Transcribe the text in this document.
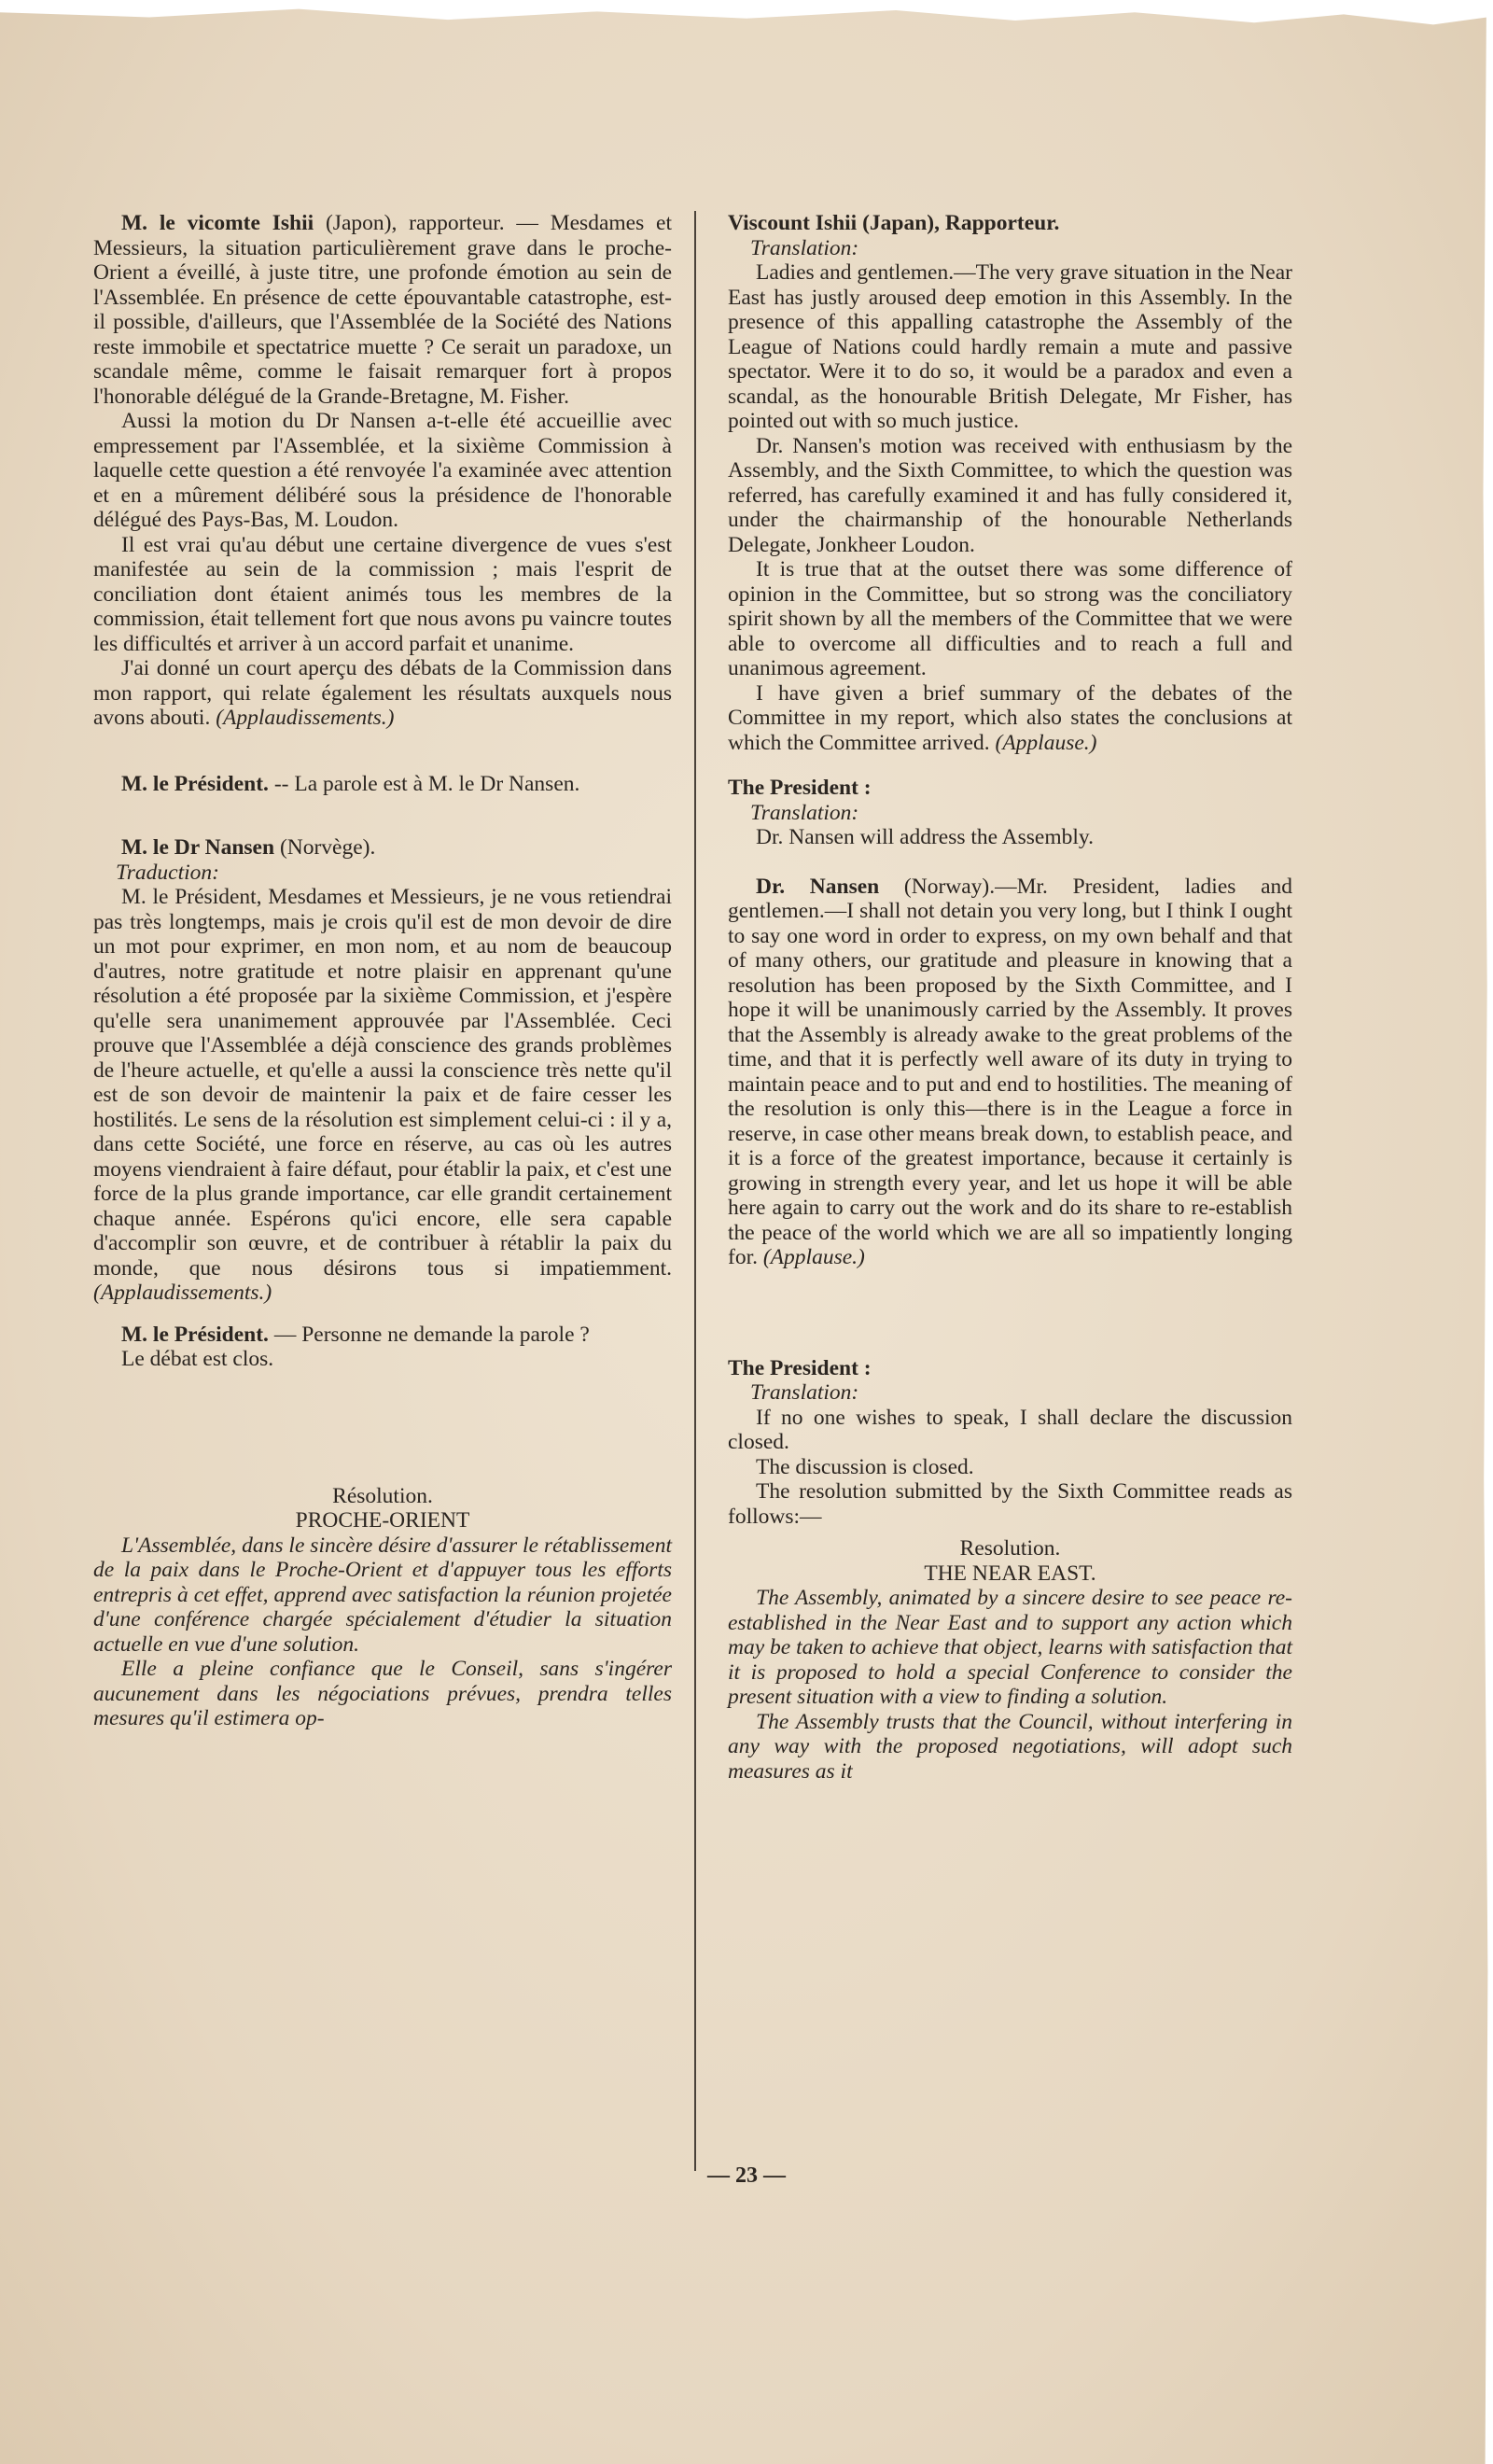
M. le vicomte Ishii (Japon), rapporteur. — Mesdames et Messieurs, la situation particulièrement grave dans le proche-Orient a éveillé, à juste titre, une profonde émotion au sein de l'Assemblée. En présence de cette épouvantable catastrophe, est-il possible, d'ailleurs, que l'Assemblée de la Société des Nations reste immobile et spectatrice muette ? Ce serait un paradoxe, un scandale même, comme le faisait remarquer fort à propos l'honorable délégué de la Grande-Bretagne, M. Fisher.

Aussi la motion du Dr Nansen a-t-elle été accueillie avec empressement par l'Assemblée, et la sixième Commission à laquelle cette question a été renvoyée l'a examinée avec attention et en a mûrement délibéré sous la présidence de l'honorable délégué des Pays-Bas, M. Loudon.

Il est vrai qu'au début une certaine divergence de vues s'est manifestée au sein de la commission ; mais l'esprit de conciliation dont étaient animés tous les membres de la commission, était tellement fort que nous avons pu vaincre toutes les difficultés et arriver à un accord parfait et unanime.

J'ai donné un court aperçu des débats de la Commission dans mon rapport, qui relate également les résultats auxquels nous avons abouti. (Applaudissements.)

M. le Président. -- La parole est à M. le Dr Nansen.

M. le Dr Nansen (Norvège).

Traduction:

M. le Président, Mesdames et Messieurs, je ne vous retiendrai pas très longtemps, mais je crois qu'il est de mon devoir de dire un mot pour exprimer, en mon nom, et au nom de beaucoup d'autres, notre gratitude et notre plaisir en apprenant qu'une résolution a été proposée par la sixième Commission, et j'espère qu'elle sera unanimement approuvée par l'Assemblée. Ceci prouve que l'Assemblée a déjà conscience des grands problèmes de l'heure actuelle, et qu'elle a aussi la conscience très nette qu'il est de son devoir de maintenir la paix et de faire cesser les hostilités. Le sens de la résolution est simplement celui-ci : il y a, dans cette Société, une force en réserve, au cas où les autres moyens viendraient à faire défaut, pour établir la paix, et c'est une force de la plus grande importance, car elle grandit certainement chaque année. Espérons qu'ici encore, elle sera capable d'accomplir son œuvre, et de contribuer à rétablir la paix du monde, que nous désirons tous si impatiemment. (Applaudissements.)

M. le Président. — Personne ne demande la parole ?

Le débat est clos.

Résolution.
PROCHE-ORIENT

L'Assemblée, dans le sincère désire d'assurer le rétablissement de la paix dans le Proche-Orient et d'appuyer tous les efforts entrepris à cet effet, apprend avec satisfaction la réunion projetée d'une conférence chargée spécialement d'étudier la situation actuelle en vue d'une solution.

Elle a pleine confiance que le Conseil, sans s'ingérer aucunement dans les négociations prévues, prendra telles mesures qu'il estimera op-

Viscount Ishii (Japan), Rapporteur.
Translation:

Ladies and gentlemen.—The very grave situation in the Near East has justly aroused deep emotion in this Assembly. In the presence of this appalling catastrophe the Assembly of the League of Nations could hardly remain a mute and passive spectator. Were it to do so, it would be a paradox and even a scandal, as the honourable British Delegate, Mr Fisher, has pointed out with so much justice.

Dr. Nansen's motion was received with enthusiasm by the Assembly, and the Sixth Committee, to which the question was referred, has carefully examined it and has fully considered it, under the chairmanship of the honourable Netherlands Delegate, Jonkheer Loudon.

It is true that at the outset there was some difference of opinion in the Committee, but so strong was the conciliatory spirit shown by all the members of the Committee that we were able to overcome all difficulties and to reach a full and unanimous agreement.

I have given a brief summary of the debates of the Committee in my report, which also states the conclusions at which the Committee arrived. (Applause.)

The President :
Translation:

Dr. Nansen will address the Assembly.

Dr. Nansen (Norway).—Mr. President, ladies and gentlemen.—I shall not detain you very long, but I think I ought to say one word in order to express, on my own behalf and that of many others, our gratitude and pleasure in knowing that a resolution has been proposed by the Sixth Committee, and I hope it will be unanimously carried by the Assembly. It proves that the Assembly is already awake to the great problems of the time, and that it is perfectly well aware of its duty in trying to maintain peace and to put and end to hostilities. The meaning of the resolution is only this—there is in the League a force in reserve, in case other means break down, to establish peace, and it is a force of the greatest importance, because it certainly is growing in strength every year, and let us hope it will be able here again to carry out the work and do its share to re-establish the peace of the world which we are all so impatiently longing for. (Applause.)

The President :
Translation:

If no one wishes to speak, I shall declare the discussion closed.

The discussion is closed.

The resolution submitted by the Sixth Committee reads as follows:—

Resolution.
THE NEAR EAST.

The Assembly, animated by a sincere desire to see peace re-established in the Near East and to support any action which may be taken to achieve that object, learns with satisfaction that it is proposed to hold a special Conference to consider the present situation with a view to finding a solution.

The Assembly trusts that the Council, without interfering in any way with the proposed negotiations, will adopt such measures as it

— 23 —
